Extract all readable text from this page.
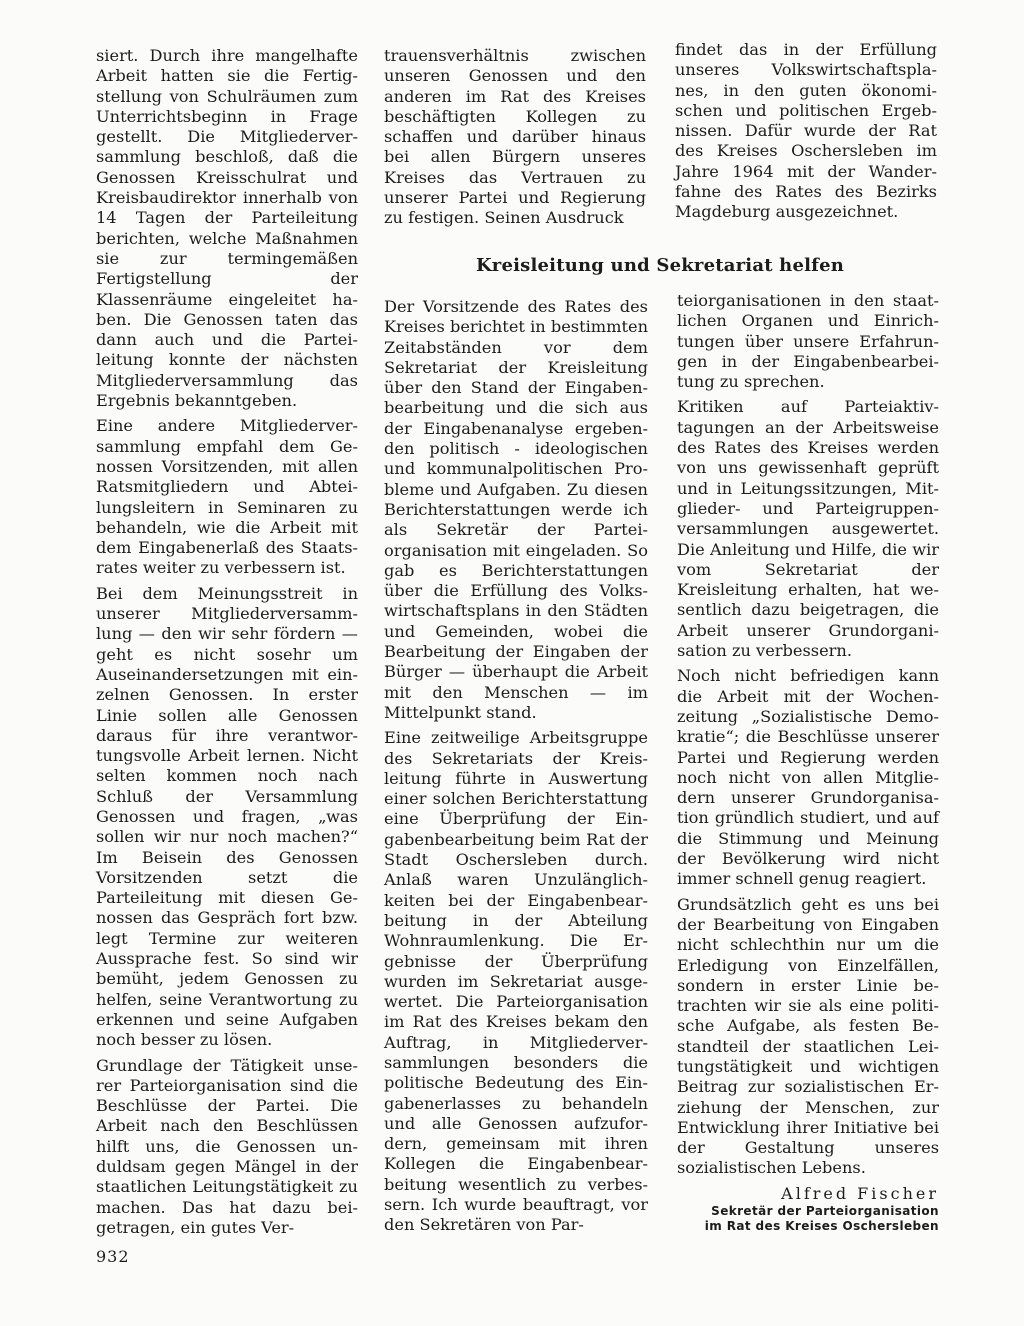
siert. Durch ihre mangelhafte Arbeit hatten sie die Fertigstellung von Schulräumen zum Unterrichtsbeginn in Frage gestellt. Die Mitgliederversammlung beschloß, daß die Genossen Kreisschulrat und Kreisbaudirektor innerhalb von 14 Tagen der Parteileitung berichten, welche Maßnahmen sie zur termingemäßen Fertigstellung der Klassenräume eingeleitet haben. Die Genossen taten das dann auch und die Parteileitung konnte der nächsten Mitgliederversammlung das Ergebnis bekanntgeben.

Eine andere Mitgliederversammlung empfahl dem Genossen Vorsitzenden, mit allen Ratsmitgliedern und Abteilungsleitern in Seminaren zu behandeln, wie die Arbeit mit dem Eingabenerlaß des Staatsrates weiter zu verbessern ist.

Bei dem Meinungsstreit in unserer Mitgliederversammlung — den wir sehr fördern — geht es nicht sosehr um Auseinandersetzungen mit einzelnen Genossen. In erster Linie sollen alle Genossen daraus für ihre verantwortungsvolle Arbeit lernen. Nicht selten kommen noch nach Schluß der Versammlung Genossen und fragen, „was sollen wir nur noch machen?“ Im Beisein des Genossen Vorsitzenden setzt die Parteileitung mit diesen Genossen das Gespräch fort bzw. legt Termine zur weiteren Aussprache fest. So sind wir bemüht, jedem Genossen zu helfen, seine Verantwortung zu erkennen und seine Aufgaben noch besser zu lösen.

Grundlage der Tätigkeit unserer Parteiorganisation sind die Beschlüsse der Partei. Die Arbeit nach den Beschlüssen hilft uns, die Genossen unduldsam gegen Mängel in der staatlichen Leitungstätigkeit zu machen. Das hat dazu beigetragen, ein gutes Ver-

trauensverhältnis zwischen unseren Genossen und den anderen im Rat des Kreises beschäftigten Kollegen zu schaffen und darüber hinaus bei allen Bürgern unseres Kreises das Vertrauen zu unserer Partei und Regierung zu festigen. Seinen Ausdruck

findet das in der Erfüllung unseres Volkswirtschaftsplanes, in den guten ökonomischen und politischen Ergebnissen. Dafür wurde der Rat des Kreises Oschersleben im Jahre 1964 mit der Wanderfahne des Rates des Bezirks Magdeburg ausgezeichnet.

Kreisleitung und Sekretariat helfen

Der Vorsitzende des Rates des Kreises berichtet in bestimmten Zeitabständen vor dem Sekretariat der Kreisleitung über den Stand der Eingabenbearbeitung und die sich aus der Eingabenanalyse ergebenden politisch - ideologischen und kommunalpolitischen Probleme und Aufgaben. Zu diesen Berichterstattungen werde ich als Sekretär der Parteiorganisation mit eingeladen. So gab es Berichterstattungen über die Erfüllung des Volkswirtschaftsplans in den Städten und Gemeinden, wobei die Bearbeitung der Eingaben der Bürger — überhaupt die Arbeit mit den Menschen — im Mittelpunkt stand.

Eine zeitweilige Arbeitsgruppe des Sekretariats der Kreisleitung führte in Auswertung einer solchen Berichterstattung eine Überprüfung der Eingabenbearbeitung beim Rat der Stadt Oschersleben durch. Anlaß waren Unzulänglichkeiten bei der Eingabenbearbeitung in der Abteilung Wohnraumlenkung. Die Ergebnisse der Überprüfung wurden im Sekretariat ausgewertet. Die Parteiorganisation im Rat des Kreises bekam den Auftrag, in Mitgliederversammlungen besonders die politische Bedeutung des Eingabenerlasses zu behandeln und alle Genossen aufzufordern, gemeinsam mit ihren Kollegen die Eingabenbearbeitung wesentlich zu verbessern. Ich wurde beauftragt, vor den Sekretären von Par-

teiorganisationen in den staatlichen Organen und Einrichtungen über unsere Erfahrungen in der Eingabenbearbeitung zu sprechen.

Kritiken auf Parteiaktivtagungen an der Arbeitsweise des Rates des Kreises werden von uns gewissenhaft geprüft und in Leitungssitzungen, Mitglieder- und Parteigruppenversammlungen ausgewertet. Die Anleitung und Hilfe, die wir vom Sekretariat der Kreisleitung erhalten, hat wesentlich dazu beigetragen, die Arbeit unserer Grundorganisation zu verbessern.

Noch nicht befriedigen kann die Arbeit mit der Wochenzeitung „Sozialistische Demokratie“; die Beschlüsse unserer Partei und Regierung werden noch nicht von allen Mitgliedern unserer Grundorganisation gründlich studiert, und auf die Stimmung und Meinung der Bevölkerung wird nicht immer schnell genug reagiert.

Grundsätzlich geht es uns bei der Bearbeitung von Eingaben nicht schlechthin nur um die Erledigung von Einzelfällen, sondern in erster Linie betrachten wir sie als eine politische Aufgabe, als festen Bestandteil der staatlichen Leitungstätigkeit und wichtigen Beitrag zur sozialistischen Erziehung der Menschen, zur Entwicklung ihrer Initiative bei der Gestaltung unseres sozialistischen Lebens.

Alfred Fischer
Sekretär der Parteiorganisation
im Rat des Kreises Oschersleben
932
